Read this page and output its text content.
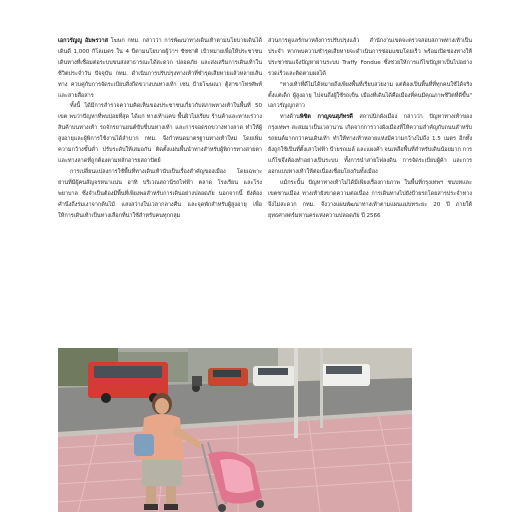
เอกวรัญญู อัมพรวาส โฆษก กทม. กล่าวว่า การพัฒนาทางเดินเท้าตามนโยบายเดินได้เดินดี 1,000 กิโลเมตร ใน 4 ปีตามนโยบายผู้ว่าฯ ชัชชาติ เป้าหมายเพื่อให้ประชาชนเดินทางที่เชื่อมต่อระบบขนส่งสาธารณะได้สะดวก ปลอดภัย และส่งเสริมการเดินเท้าในชีวิตประจำวัน ปัจจุบัน กทม. ดำเนินการปรับปรุงทางเท้าที่ชำรุดเสียหายแล้วหลายเส้นทาง ควบคู่กับการจัดระเบียบสิ่งกีดขวางบนทางเท้า เช่น ป้ายโฆษณา ตู้สาขาโทรศัพท์ และสายสื่อสาร

ทั้งนี้ ได้มีการสำรวจความคิดเห็นของประชาชนเกี่ยวกับสภาพทางเท้าในพื้นที่ 50 เขต พบว่าปัญหาที่พบบ่อยที่สุด ได้แก่ ทางเท้าแคบ พื้นผิวไม่เรียบ ร้านค้าและหาบเร่วางสินค้าบนทางเท้า รถจักรยานยนต์ขับขี่บนทางเท้า และการจอดรถขวางทางลาด ทำให้ผู้สูงอายุและผู้พิการใช้งานได้ลำบาก กทม. จึงกำหนดมาตรฐานทางเท้าใหม่ โดยเพิ่มความกว้างขั้นต่ำ ปรับระดับให้เสมอกัน ติดตั้งแผ่นพื้นนำทางสำหรับผู้พิการทางสายตา และทางลาดที่ถูกต้องตามหลักอารยสถาปัตย์

การเปลี่ยนแปลงการใช้พื้นที่ทางเดินเท้านับเป็นเรื่องสำคัญของเมือง โดยเฉพาะย่านที่มีผู้คนสัญจรหนาแน่น อาทิ บริเวณสถานีรถไฟฟ้า ตลาด โรงเรียน และโรงพยาบาล ซึ่งจำเป็นต้องมีพื้นที่เพียงพอสำหรับการเดินอย่างปลอดภัย นอกจากนี้ ยังต้องคำนึงถึงร่มเงาจากต้นไม้ แสงสว่างในเวลากลางคืน และจุดพักสำหรับผู้สูงอายุ เพื่อให้การเดินเท้าเป็นทางเลือกที่น่าใช้สำหรับคนทุกกลุ่ม

ส่วนการดูแลรักษาหลังการปรับปรุงแล้ว สำนักงานเขตจะตรวจสอบสภาพทางเท้าเป็นประจำ หากพบความชำรุดเสียหายจะดำเนินการซ่อมแซมโดยเร็ว พร้อมเปิดช่องทางให้ประชาชนแจ้งปัญหาผ่านระบบ Traffy Fondue ซึ่งช่วยให้การแก้ไขปัญหาเป็นไปอย่างรวดเร็วและติดตามผลได้

"ทางเท้าที่ดีไม่ได้หมายถึงเพียงพื้นที่เรียบสวยงาม แต่ต้องเป็นพื้นที่ที่ทุกคนใช้ได้จริง ตั้งแต่เด็ก ผู้สูงอายุ ไปจนถึงผู้ใช้รถเข็น เมืองที่เดินได้คือเมืองที่คนมีคุณภาพชีวิตที่ดีขึ้น" เอกวรัญญูกล่าว

ทางด้านพิชิต กาญจนสุภัทรดี สถาปนิกผังเมือง กล่าวว่า ปัญหาทางเท้าของกรุงเทพฯ สะสมมาเป็นเวลานาน เกิดจากการวางผังเมืองที่ให้ความสำคัญกับถนนสำหรับรถยนต์มากกว่าคนเดินเท้า ทำให้ทางเท้าหลายแห่งมีความกว้างไม่ถึง 1.5 เมตร อีกทั้งยังถูกใช้เป็นที่ตั้งเสาไฟฟ้า ป้ายรถเมล์ และแผงค้า จนเหลือพื้นที่สำหรับเดินน้อยมาก การแก้ไขจึงต้องทำอย่างเป็นระบบ ทั้งการนำสายไฟลงดิน การจัดระเบียบผู้ค้า และการออกแบบทางเท้าให้ต่อเนื่องเชื่อมโยงกันทั้งเมือง

แม้กระนั้น ปัญหาทางเท้าไม่ได้มีเพียงเรื่องกายภาพ ในพื้นที่กรุงเทพฯ ชนบทและเขตชานเมือง ทางเท้ายังขาดความต่อเนื่อง การเดินทางไปยังป้ายรถโดยสารประจำทางจึงไม่สะดวก กทม. จึงวางแผนพัฒนาทางเท้าตามแผนแม่บทระยะ 20 ปี ภายใต้ยุทธศาสตร์มหานครแห่งความปลอดภัย ปี 2566
